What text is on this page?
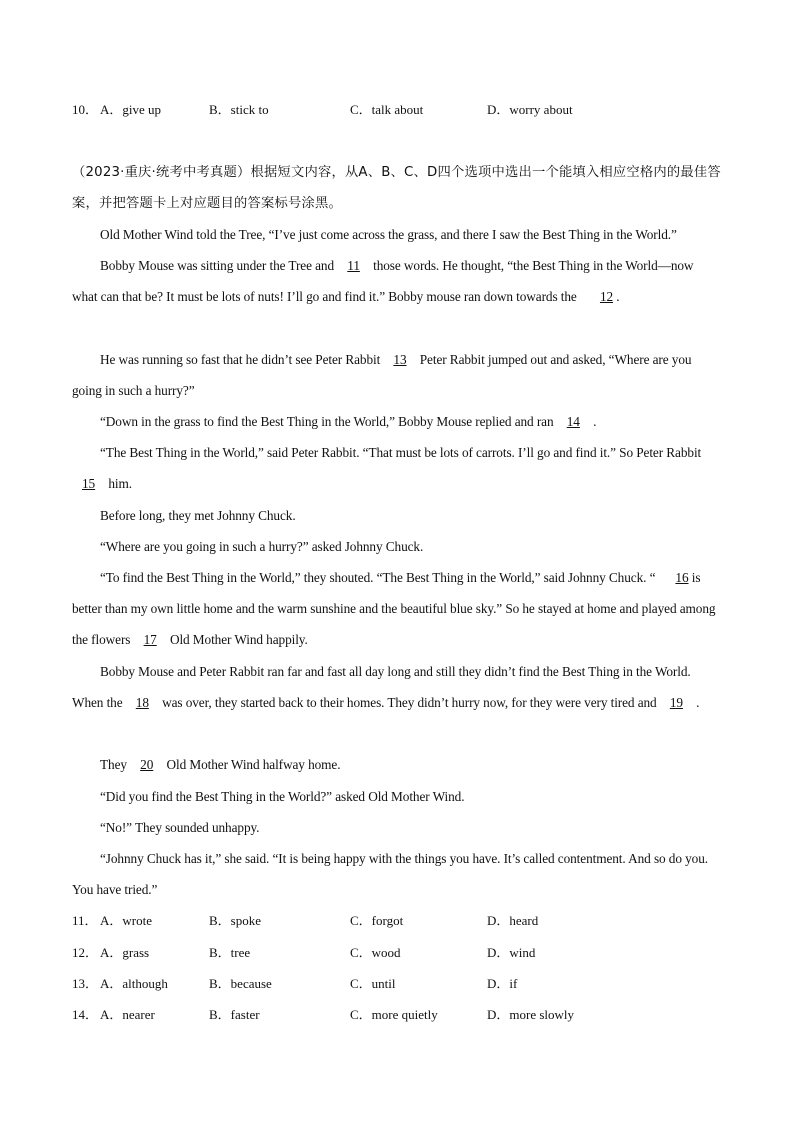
10． A．give up	B．stick to	C．talk about	D．worry about
（2023·重庆·统考中考真题）根据短文内容，从A、B、C、D四个选项中选出一个能填入相应空格内的最佳答案，并把答题卡上对应题目的答案标号涂黑。
Old Mother Wind told the Tree, “I’ve just come across the grass, and there I saw the Best Thing in the World.”
Bobby Mouse was sitting under the Tree and 11 those words. He thought, “the Best Thing in the World—now what can that be? It must be lots of nuts! I’ll go and find it.” Bobby mouse ran down towards the 12 .
He was running so fast that he didn’t see Peter Rabbit 13 Peter Rabbit jumped out and asked, “Where are you going in such a hurry?”
“Down in the grass to find the Best Thing in the World,” Bobby Mouse replied and ran 14 .
“The Best Thing in the World,” said Peter Rabbit. “That must be lots of carrots. I’ll go and find it.” So Peter Rabbit 15 him.
Before long, they met Johnny Chuck.
“Where are you going in such a hurry?” asked Johnny Chuck.
“To find the Best Thing in the World,” they shouted. “The Best Thing in the World,” said Johnny Chuck. “ 16 is better than my own little home and the warm sunshine and the beautiful blue sky.” So he stayed at home and played among the flowers 17 Old Mother Wind happily.
Bobby Mouse and Peter Rabbit ran far and fast all day long and still they didn’t find the Best Thing in the World. When the 18 was over, they started back to their homes. They didn’t hurry now, for they were very tired and 19 .
They 20 Old Mother Wind halfway home.
“Did you find the Best Thing in the World?” asked Old Mother Wind.
“No!” They sounded unhappy.
“Johnny Chuck has it,” she said. “It is being happy with the things you have. It’s called contentment. And so do you. You have tried.”
11． A．wrote	B．spoke	C．forgot	D．heard
12． A．grass	B．tree	C．wood	D．wind
13． A．although	B．because	C．until	D．if
14． A．nearer	B．faster	C．more quietly	D．more slowly
